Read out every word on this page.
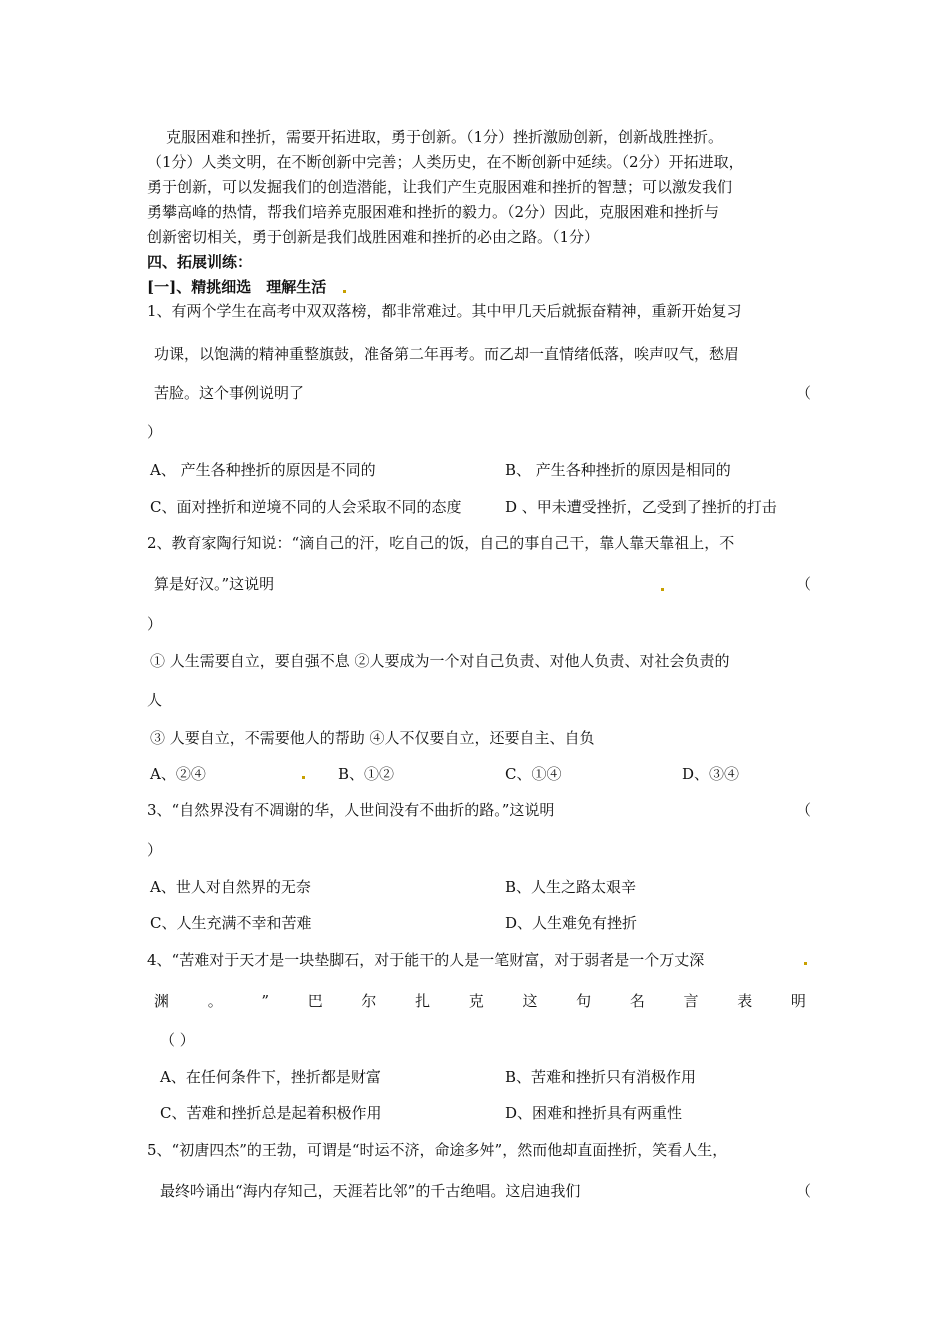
克服困难和挫折，需要开拓进取，勇于创新。（1分）挫折激励创新，创新战胜挫折。
（1分）人类文明，在不断创新中完善；人类历史，在不断创新中延续。（2分）开拓进取，
勇于创新，可以发掘我们的创造潜能，让我们产生克服困难和挫折的智慧；可以激发我们
勇攀高峰的热情，帮我们培养克服困难和挫折的毅力。（2分）因此，克服困难和挫折与
创新密切相关，勇于创新是我们战胜困难和挫折的必由之路。（1分）
四、拓展训练：
[一]、精挑细选　理解生活
1、有两个学生在高考中双双落榜，都非常难过。其中甲几天后就振奋精神，重新开始复习
功课，以饱满的精神重整旗鼓，准备第二年再考。而乙却一直情绪低落，唉声叹气，愁眉
苦脸。这个事例说明了	（
）
A、 产生各种挫折的原因是不同的	B、 产生各种挫折的原因是相同的
C、面对挫折和逆境不同的人会采取不同的态度	D 、甲未遭受挫折，乙受到了挫折的打击
2、教育家陶行知说：“滴自己的汗，吃自己的饭，自己的事自己干，靠人靠天靠祖上，不
算是好汉。”这说明	（
）
① 人生需要自立，要自强不息 ②人要成为一个对自己负责、对他人负责、对社会负责的
人
③ 人要自立，不需要他人的帮助 ④人不仅要自立，还要自主、自负
A、②④	B、①②	C、①④	D、③④
3、“自然界没有不凋谢的华，人世间没有不曲折的路。”这说明	（
）
A、世人对自然界的无奈	B、人生之路太艰辛
C、人生充满不幸和苦难	D、人生难免有挫折
4、“苦难对于天才是一块垫脚石，对于能干的人是一笔财富，对于弱者是一个万丈深
渊	。	”	巴	尔	扎	克	这	句	名	言	表	明
（ ）
A、在任何条件下，挫折都是财富	B、苦难和挫折只有消极作用
C、苦难和挫折总是起着积极作用	D、困难和挫折具有两重性
5、“初唐四杰”的王勃，可谓是“时运不济，命途多舛”，然而他却直面挫折，笑看人生，
最终吟诵出“海内存知己，天涯若比邻”的千古绝唱。这启迪我们	（
